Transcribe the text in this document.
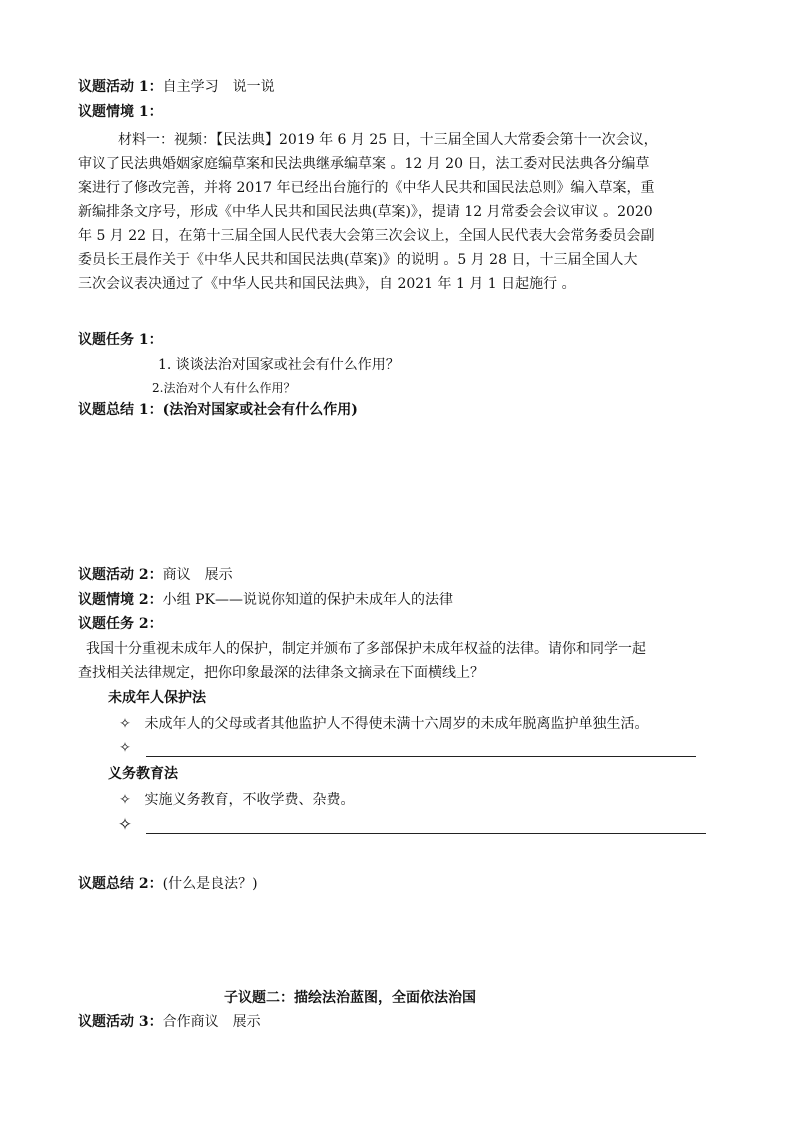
议题活动 1：自主学习　说一说
议题情境 1：
材料一：视频：【民法典】2019 年 6 月 25 日，十三届全国人大常委会第十一次会议，
审议了民法典婚姻家庭编草案和民法典继承编草案 。12 月 20 日，法工委对民法典各分编草
案进行了修改完善，并将 2017 年已经出台施行的《中华人民共和国民法总则》编入草案，重
新编排条文序号，形成《中华人民共和国民法典(草案)》，提请 12 月常委会会议审议 。2020
年 5 月 22 日，在第十三届全国人民代表大会第三次会议上，全国人民代表大会常务委员会副
委员长王晨作关于《中华人民共和国民法典(草案)》的说明 。5 月 28 日，十三届全国人大
三次会议表决通过了《中华人民共和国民法典》，自 2021 年 1 月 1 日起施行 。
议题任务 1：
1. 谈谈法治对国家或社会有什么作用？
2.法治对个人有什么作用？
议题总结 1：(法治对国家或社会有什么作用)
议题活动 2：商议　展示
议题情境 2：小组 PK——说说你知道的保护未成年人的法律
议题任务 2：
我国十分重视未成年人的保护，制定并颁布了多部保护未成年权益的法律。请你和同学一起
查找相关法律规定，把你印象最深的法律条文摘录在下面横线上？
未成年人保护法
✧ 未成年人的父母或者其他监护人不得使未满十六周岁的未成年脱离监护单独生活。
✧
义务教育法
✧ 实施义务教育，不收学费、杂费。
✧
议题总结 2：(什么是良法？)
子议题二：描绘法治蓝图，全面依法治国
议题活动 3：合作商议　展示
